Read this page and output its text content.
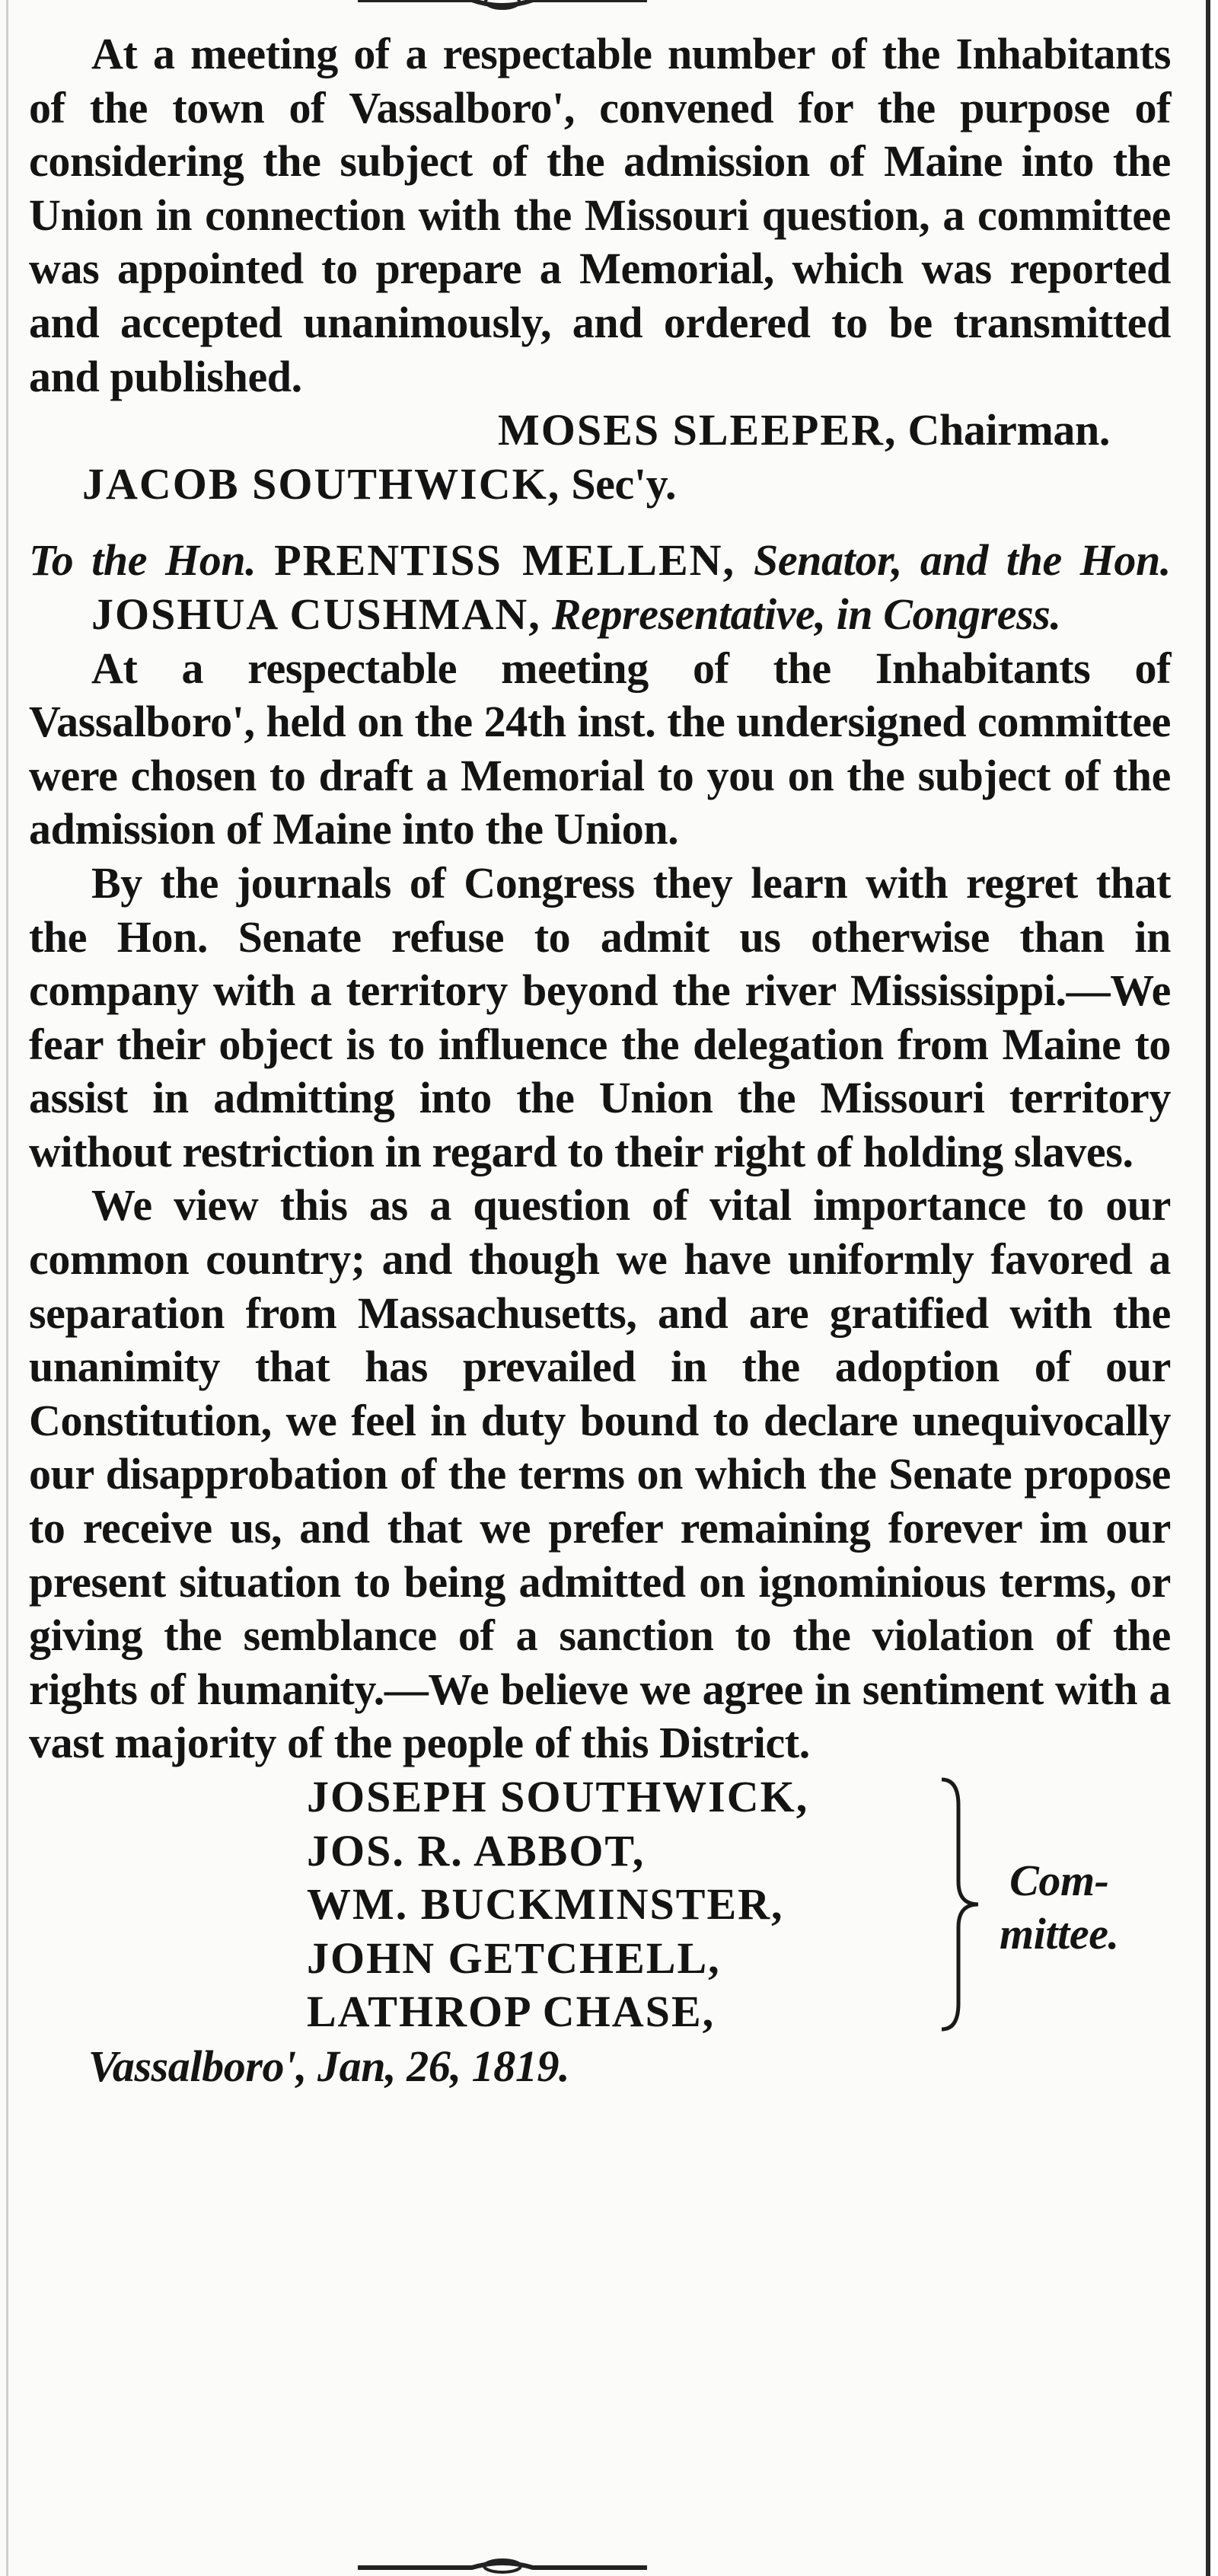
At a meeting of a respectable number of the Inhabitants of the town of Vassalboro', convened for the purpose of considering the subject of the admission of Maine into the Union in connection with the Missouri question, a committee was appointed to prepare a Memorial, which was reported and accepted unanimously, and ordered to be transmitted and published.

MOSES SLEEPER, Chairman.

JACOB SOUTHWICK, Sec'y.

To the Hon. PRENTISS MELLEN, Senator, and the Hon. JOSHUA CUSHMAN, Representative, in Congress.

At a respectable meeting of the Inhabitants of Vassalboro', held on the 24th inst. the undersigned committee were chosen to draft a Memorial to you on the subject of the admission of Maine into the Union.

By the journals of Congress they learn with regret that the Hon. Senate refuse to admit us otherwise than in company with a territory beyond the river Mississippi.—We fear their object is to influence the delegation from Maine to assist in admitting into the Union the Missouri territory without restriction in regard to their right of holding slaves.

We view this as a question of vital importance to our common country; and though we have uniformly favored a separation from Massachusetts, and are gratified with the unanimity that has prevailed in the adoption of our Constitution, we feel in duty bound to declare unequivocally our disapprobation of the terms on which the Senate propose to receive us, and that we prefer remaining forever im our present situation to being admitted on ignominious terms, or giving the semblance of a sanction to the violation of the rights of humanity.—We believe we agree in sentiment with a vast majority of the people of this District.

JOSEPH SOUTHWICK,
JOS. R. ABBOT,
WM. BUCKMINSTER,
JOHN GETCHELL,
LATHROP CHASE,
Com-
mittee.
Vassalboro', Jan, 26, 1819.
